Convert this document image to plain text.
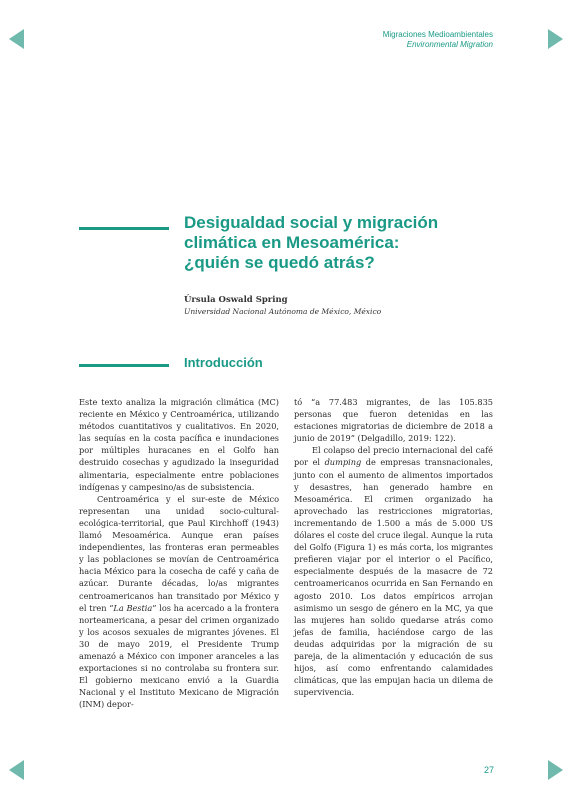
Migraciones Medioambientales
Environmental Migration
Desigualdad social y migración
climática en Mesoamérica:
¿quién se quedó atrás?
Úrsula Oswald Spring
Universidad Nacional Autónoma de México, México
Introducción

Este texto analiza la migración climática (MC) reciente en México y Centroamérica, utilizando métodos cuantitativos y cualitativos. En 2020, las sequías en la costa pacífica e inundaciones por múltiples huracanes en el Golfo han destruido cosechas y agudizado la inseguridad alimentaria, especialmente entre poblaciones indígenas y campesino/as de subsistencia.

Centroamérica y el sur-este de México representan una unidad socio-cultural-ecológica-territorial, que Paul Kirchhoff (1943) llamó Mesoamérica. Aunque eran países independientes, las fronteras eran permeables y las poblaciones se movían de Centroamérica hacia México para la cosecha de café y caña de azúcar. Durante décadas, lo/as migrantes centroamericanos han transitado por México y el tren “La Bestia” los ha acercado a la frontera norteamericana, a pesar del crimen organizado y los acosos sexuales de migrantes jóvenes. El 30 de mayo 2019, el Presidente Trump amenazó a México con imponer aranceles a las exportaciones si no controlaba su frontera sur. El gobierno mexicano envió a la Guardia Nacional y el Instituto Mexicano de Migración (INM) depor-

tó “a 77.483 migrantes, de las 105.835 personas que fueron detenidas en las estaciones migratorias de diciembre de 2018 a junio de 2019” (Delgadillo, 2019: 122).

El colapso del precio internacional del café por el dumping de empresas transnacionales, junto con el aumento de alimentos importados y desastres, han generado hambre en Mesoamérica. El crimen organizado ha aprovechado las restricciones migratorias, incrementando de 1.500 a más de 5.000 US dólares el coste del cruce ilegal. Aunque la ruta del Golfo (Figura 1) es más corta, los migrantes prefieren viajar por el interior o el Pacífico, especialmente después de la masacre de 72 centroamericanos ocurrida en San Fernando en agosto 2010. Los datos empíricos arrojan asimismo un sesgo de género en la MC, ya que las mujeres han solido quedarse atrás como jefas de familia, haciéndose cargo de las deudas adquiridas por la migración de su pareja, de la alimentación y educación de sus hijos, así como enfrentando calamidades climáticas, que las empujan hacia un dilema de supervivencia.

27
